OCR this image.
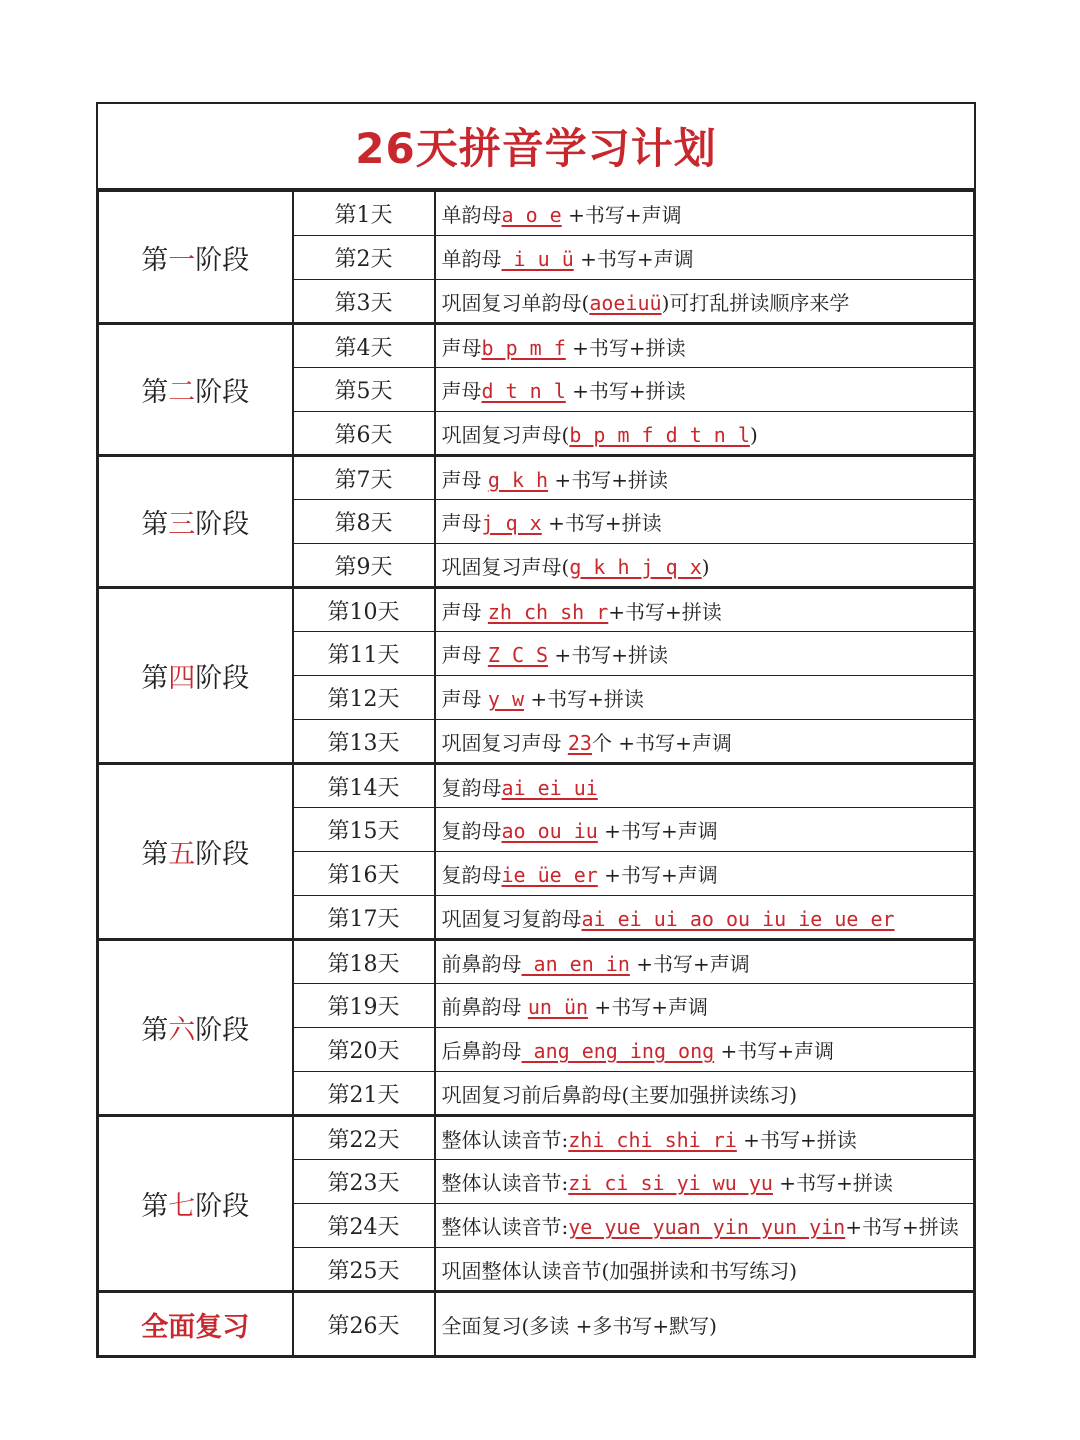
26天拼音学习计划
第一阶段	第1天	单韵母a o e +书写+声调
	第2天	单韵母 i u ü +书写+声调
	第3天	巩固复习单韵母(aoeiuü)可打乱拼读顺序来学
第二阶段	第4天	声母b p m f +书写+拼读
	第5天	声母d t n l +书写+拼读
	第6天	巩固复习声母(b p m f d t n l)
第三阶段	第7天	声母 g k h +书写+拼读
	第8天	声母j q x +书写+拼读
	第9天	巩固复习声母(g k h j q x)
第四阶段	第10天	声母 zh ch sh r+书写+拼读
	第11天	声母 Z C S +书写+拼读
	第12天	声母 y w +书写+拼读
	第13天	巩固复习声母 23个 +书写+声调
第五阶段	第14天	复韵母ai ei ui
	第15天	复韵母ao ou iu +书写+声调
	第16天	复韵母ie üe er +书写+声调
	第17天	巩固复习复韵母ai ei ui ao ou iu ie ue er
第六阶段	第18天	前鼻韵母 an en in +书写+声调
	第19天	前鼻韵母 un ün +书写+声调
	第20天	后鼻韵母 ang eng ing ong +书写+声调
	第21天	巩固复习前后鼻韵母(主要加强拼读练习)
第七阶段	第22天	整体认读音节:zhi chi shi ri +书写+拼读
	第23天	整体认读音节:zi ci si yi wu yu +书写+拼读
	第24天	整体认读音节:ye yue yuan yin yun yin+书写+拼读
	第25天	巩固整体认读音节(加强拼读和书写练习)
全面复习	第26天	全面复习(多读 +多书写+默写)
